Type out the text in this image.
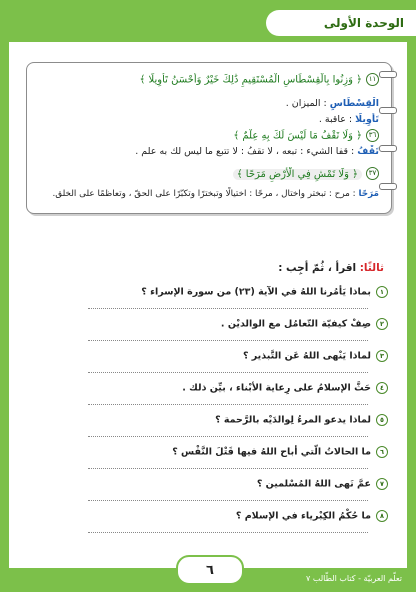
الوحدة الأولى
١١﴿ وَزِنُوا بِالْقِسْطَاسِ الْمُسْتَقِيمِ ذَٰلِكَ خَيْرٌ وَأَحْسَنُ تَأْوِيلًا ﴾
الْقِسْطَاسِ : الميزان .
تَأْوِيلًا : عاقبة .
٣٦﴿ وَلَا تَقْفُ مَا لَيْسَ لَكَ بِهِ عِلْمٌ ﴾
تَقْفُ : قفا الشيء : تبعه ، لا تقفُ : لا تتبع ما ليس لك به علم .
٣٧﴿ وَلَا تَمْشِ فِي الْأَرْضِ مَرَحًا ﴾
مَرَحًا : مرح : تبختر واختال ، مرحًا : اختيالًا وتبخترًا وتكبّرًا على الحقّ ، وتعاظمًا على الخلق.
ثالثًا: اقرأ ، ثُمّ أجِب :
١بماذا يَأمُرنا اللهُ في الآية (٢٣) من سورة الإسراء ؟
٢صِفْ كيفيّة التّعامُل مع الوالديْن .
٣لماذا يَنْهى اللهُ عَن التَّبذير ؟
٤حَثَّ الإسلامُ على رِعاية الأبْناء ، بيِّن ذلك .
٥لماذا يدعو المرءُ لِوالدَيْه بالرَّحمة ؟
٦ما الحالاتُ الّتي أباح اللهُ فيها قَتْلَ النَّفْس ؟
٧عمَّ نَهى اللهُ المُسْلمين ؟
٨ما حُكْمُ الكِبْرياء في الإسلام ؟
٦
تعلّم العربيّة - كتاب الطّالب ٧
